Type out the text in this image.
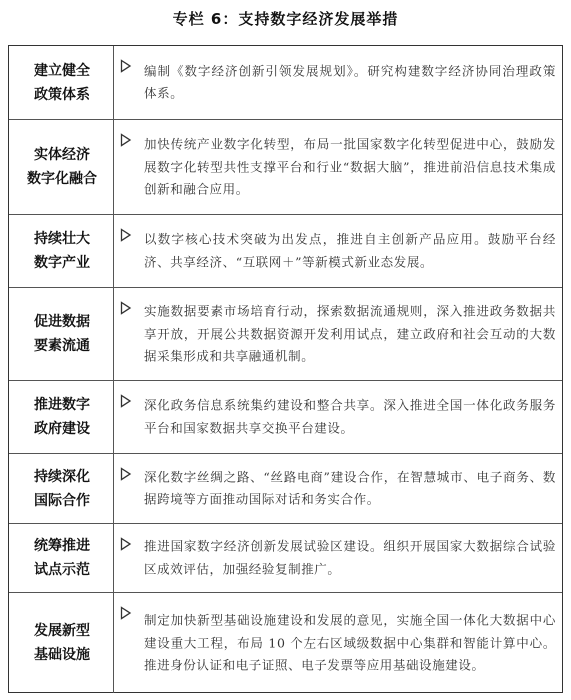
专栏 6：支持数字经济发展举措
建立健全
政策体系
编制《数字经济创新引领发展规划》。研究构建数字经济协同治理政策体系。
实体经济
数字化融合
加快传统产业数字化转型，布局一批国家数字化转型促进中心，鼓励发展数字化转型共性支撑平台和行业“数据大脑”，推进前沿信息技术集成创新和融合应用。
持续壮大
数字产业
以数字核心技术突破为出发点，推进自主创新产品应用。鼓励平台经济、共享经济、“互联网＋”等新模式新业态发展。
促进数据
要素流通
实施数据要素市场培育行动，探索数据流通规则，深入推进政务数据共享开放，开展公共数据资源开发利用试点，建立政府和社会互动的大数据采集形成和共享融通机制。
推进数字
政府建设
深化政务信息系统集约建设和整合共享。深入推进全国一体化政务服务平台和国家数据共享交换平台建设。
持续深化
国际合作
深化数字丝绸之路、“丝路电商”建设合作，在智慧城市、电子商务、数据跨境等方面推动国际对话和务实合作。
统筹推进
试点示范
推进国家数字经济创新发展试验区建设。组织开展国家大数据综合试验区成效评估，加强经验复制推广。
发展新型
基础设施
制定加快新型基础设施建设和发展的意见，实施全国一体化大数据中心建设重大工程，布局 10 个左右区域级数据中心集群和智能计算中心。推进身份认证和电子证照、电子发票等应用基础设施建设。
